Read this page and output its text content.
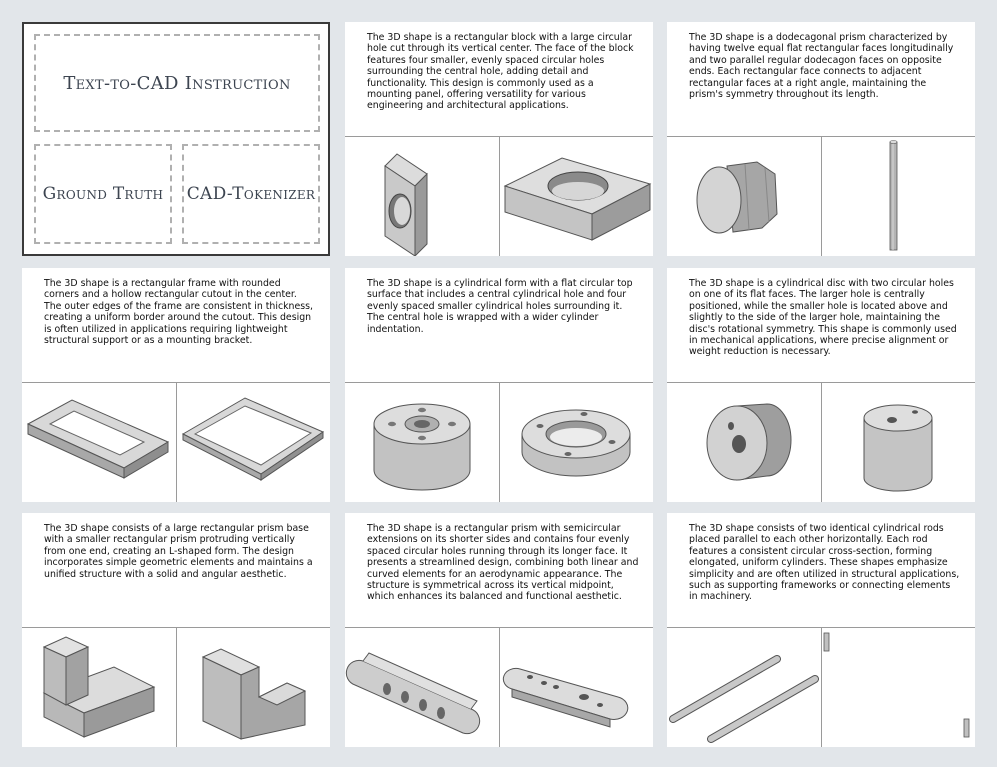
Text-to-CAD Instruction
Ground Truth CAD-Tokenizer
The 3D shape is a rectangular block with a large circular hole cut through its vertical center. The face of the block features four smaller, evenly spaced circular holes surrounding the central hole, adding detail and functionality. This design is commonly used as a mounting panel, offering versatility for various engineering and architectural applications.
The 3D shape is a dodecagonal prism characterized by having twelve equal flat rectangular faces longitudinally and two parallel regular dodecagon faces on opposite ends. Each rectangular face connects to adjacent rectangular faces at a right angle, maintaining the prism's symmetry throughout its length.
The 3D shape is a rectangular frame with rounded corners and a hollow rectangular cutout in the center. The outer edges of the frame are consistent in thickness, creating a uniform border around the cutout. This design is often utilized in applications requiring lightweight structural support or as a mounting bracket.
The 3D shape is a cylindrical form with a flat circular top surface that includes a central cylindrical hole and four evenly spaced smaller cylindrical holes surrounding it. The central hole is wrapped with a wider cylinder indentation.
The 3D shape is a cylindrical disc with two circular holes on one of its flat faces. The larger hole is centrally positioned, while the smaller hole is located above and slightly to the side of the larger hole, maintaining the disc's rotational symmetry. This shape is commonly used in mechanical applications, where precise alignment or weight reduction is necessary.
The 3D shape consists of a large rectangular prism base with a smaller rectangular prism protruding vertically from one end, creating an L-shaped form. The design incorporates simple geometric elements and maintains a unified structure with a solid and angular aesthetic.
The 3D shape is a rectangular prism with semicircular extensions on its shorter sides and contains four evenly spaced circular holes running through its longer face. It presents a streamlined design, combining both linear and curved elements for an aerodynamic appearance. The structure is symmetrical across its vertical midpoint, which enhances its balanced and functional aesthetic.
The 3D shape consists of two identical cylindrical rods placed parallel to each other horizontally. Each rod features a consistent circular cross-section, forming elongated, uniform cylinders. These shapes emphasize simplicity and are often utilized in structural applications, such as supporting frameworks or connecting elements in machinery.
